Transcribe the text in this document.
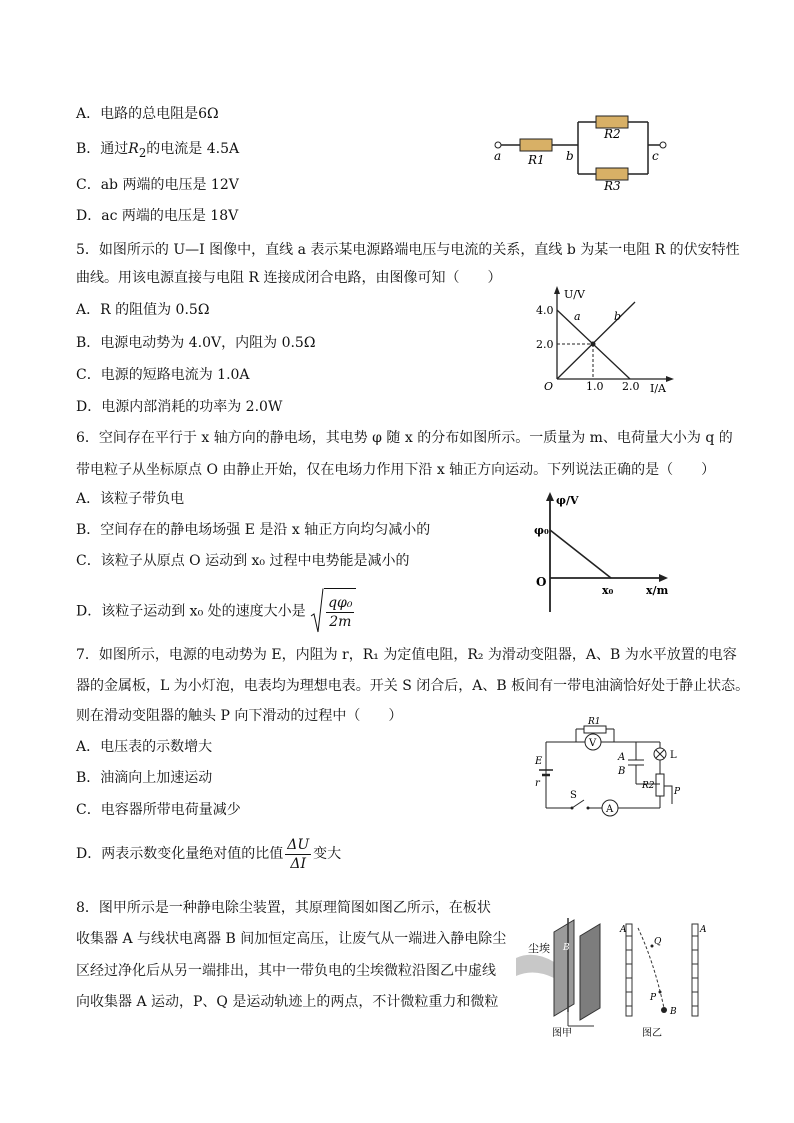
A．电路的总电阻是6Ω
B．通过$R_2$的电流是 4.5A
C．ab 两端的电压是 12V
D．ac 两端的电压是 18V
a R1 b
R2
R3
c
5．如图所示的 U—I 图像中，直线 a 表示某电源路端电压与电流的关系，直线 b 为某一电阻 R 的伏安特性
曲线。用该电源直接与电阻 R 连接成闭合电路，由图像可知（　　）
A．R 的阻值为 0.5Ω
B．电源电动势为 4.0V，内阻为 0.5Ω
C．电源的短路电流为 1.0A
D．电源内部消耗的功率为 2.0W
U/V
I/A
O
4.0
2.0
1.0 2.0
a	b
6．空间存在平行于 x 轴方向的静电场，其电势 φ 随 x 的分布如图所示。一质量为 m、电荷量大小为 q 的
带电粒子从坐标原点 O 由静止开始，仅在电场力作用下沿 x 轴正方向运动。下列说法正确的是（　　）
A．该粒子带负电
B．空间存在的静电场场强 E 是沿 x 轴正方向均匀减小的
C．该粒子从原点 O 运动到 x₀ 过程中电势能是减小的
D．该粒子运动到 x₀ 处的速度大小是 $\frac{\text{qφ₀}}{2m}$
φ/V
x/m
O
φ₀
x₀
7．如图所示，电源的电动势为 E，内阻为 r，R₁ 为定值电阻，R₂ 为滑动变阻器，A、B 为水平放置的电容
器的金属板，L 为小灯泡，电表均为理想电表。开关 S 闭合后，A、B 板间有一带电油滴恰好处于静止状态。
则在滑动变阻器的触头 P 向下滑动的过程中（　　）
A．电压表的示数增大
B．油滴向上加速运动
C．电容器所带电荷量减少
D．两表示数变化量绝对值的比值 $\frac{\Delta U}{\Delta I}$ 变大
R1
V
L
E
r
A
B
R2
P
S
A
8．图甲所示是一种静电除尘装置，其原理简图如图乙所示，在板状
收集器 A 与线状电离器 B 间加恒定高压，让废气从一端进入静电除尘
区经过净化后从另一端排出，其中一带负电的尘埃微粒沿图乙中虚线
向收集器 A 运动，P、Q 是运动轨迹上的两点，不计微粒重力和微粒
尘埃 B
图甲
A	A
Q
P
B
图乙
